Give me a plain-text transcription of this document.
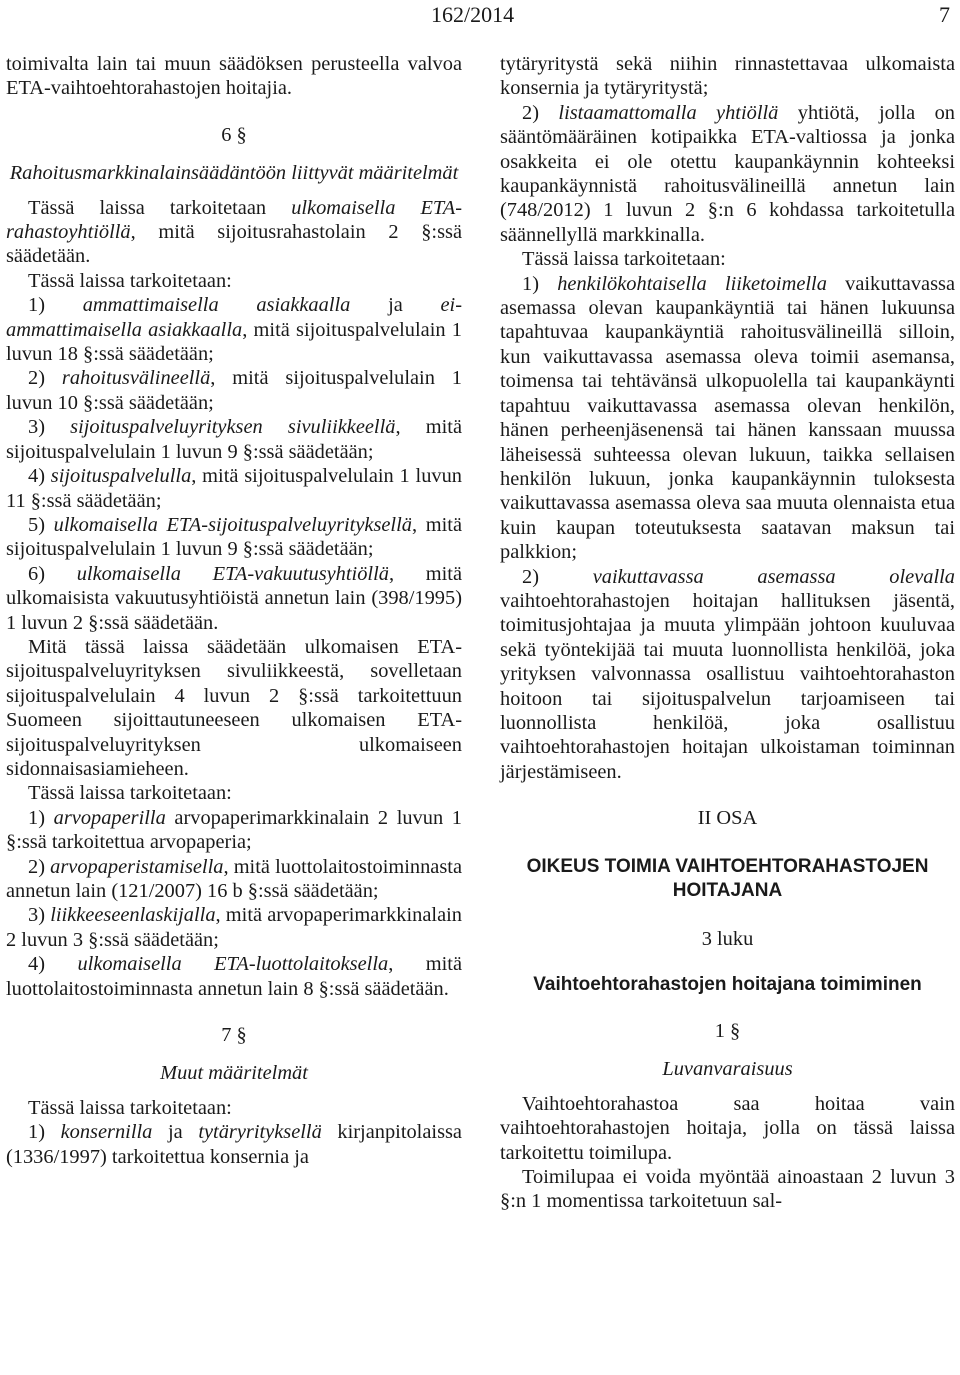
162/2014	7

toimivalta lain tai muun säädöksen perusteella valvoa ETA-vaihtoehtorahastojen hoitajia.

6 §

Rahoitusmarkkinalainsäädäntöön liittyvät määritelmät

Tässä laissa tarkoitetaan ulkomaisella ETA-rahastoyhtiöllä, mitä sijoitusrahastolain 2 §:ssä säädetään.

Tässä laissa tarkoitetaan:

1) ammattimaisella asiakkaalla ja ei-ammattimaisella asiakkaalla, mitä sijoituspalvelulain 1 luvun 18 §:ssä säädetään;

2) rahoitusvälineellä, mitä sijoituspalvelulain 1 luvun 10 §:ssä säädetään;

3) sijoituspalveluyrityksen sivuliikkeellä, mitä sijoituspalvelulain 1 luvun 9 §:ssä säädetään;

4) sijoituspalvelulla, mitä sijoituspalvelulain 1 luvun 11 §:ssä säädetään;

5) ulkomaisella ETA-sijoituspalveluyrityksellä, mitä sijoituspalvelulain 1 luvun 9 §:ssä säädetään;

6) ulkomaisella ETA-vakuutusyhtiöllä, mitä ulkomaisista vakuutusyhtiöistä annetun lain (398/1995) 1 luvun 2 §:ssä säädetään.

Mitä tässä laissa säädetään ulkomaisen ETA-sijoituspalveluyrityksen sivuliikkeestä, sovelletaan sijoituspalvelulain 4 luvun 2 §:ssä tarkoitettuun Suomeen sijoittautuneeseen ulkomaisen ETA-sijoituspalveluyrityksen ulkomaiseen sidonnaisasiamieheen.

Tässä laissa tarkoitetaan:

1) arvopaperilla arvopaperimarkkinalain 2 luvun 1 §:ssä tarkoitettua arvopaperia;

2) arvopaperistamisella, mitä luottolaitostoiminnasta annetun lain (121/2007) 16 b §:ssä säädetään;

3) liikkeeseenlaskijalla, mitä arvopaperimarkkinalain 2 luvun 3 §:ssä säädetään;

4) ulkomaisella ETA-luottolaitoksella, mitä luottolaitostoiminnasta annetun lain 8 §:ssä säädetään.

7 §

Muut määritelmät

Tässä laissa tarkoitetaan:

1) konsernilla ja tytäryrityksellä kirjanpitolaissa (1336/1997) tarkoitettua konsernia ja

tytäryritystä sekä niihin rinnastettavaa ulkomaista konsernia ja tytäryritystä;

2) listaamattomalla yhtiöllä yhtiötä, jolla on sääntömääräinen kotipaikka ETA-valtiossa ja jonka osakkeita ei ole otettu kaupankäynnin kohteeksi kaupankäynnistä rahoitusvälineillä annetun lain (748/2012) 1 luvun 2 §:n 6 kohdassa tarkoitetulla säännellyllä markkinalla.

Tässä laissa tarkoitetaan:

1) henkilökohtaisella liiketoimella vaikuttavassa asemassa olevan kaupankäyntiä tai hänen lukuunsa tapahtuvaa kaupankäyntiä rahoitusvälineillä silloin, kun vaikuttavassa asemassa oleva toimii asemansa, toimensa tai tehtävänsä ulkopuolella tai kaupankäynti tapahtuu vaikuttavassa asemassa olevan henkilön, hänen perheenjäsenensä tai hänen kanssaan muussa läheisessä suhteessa olevan lukuun, taikka sellaisen henkilön lukuun, jonka kaupankäynnin tuloksesta vaikuttavassa asemassa oleva saa muuta olennaista etua kuin kaupan toteutuksesta saatavan maksun tai palkkion;

2) vaikuttavassa asemassa olevalla vaihtoehtorahastojen hoitajan hallituksen jäsentä, toimitusjohtajaa ja muuta ylimpään johtoon kuuluvaa sekä työntekijää tai muuta luonnollista henkilöä, joka yrityksen valvonnassa osallistuu vaihtoehtorahaston hoitoon tai sijoituspalvelun tarjoamiseen tai luonnollista henkilöä, joka osallistuu vaihtoehtorahastojen hoitajan ulkoistaman toiminnan järjestämiseen.

II OSA

OIKEUS TOIMIA VAIHTOEHTORAHASTOJEN HOITAJANA

3 luku

Vaihtoehtorahastojen hoitajana toimiminen

1 §

Luvanvaraisuus

Vaihtoehtorahastoa saa hoitaa vain vaihtoehtorahastojen hoitaja, jolla on tässä laissa tarkoitettu toimilupa.

Toimilupaa ei voida myöntää ainoastaan 2 luvun 3 §:n 1 momentissa tarkoitetuun sal-
